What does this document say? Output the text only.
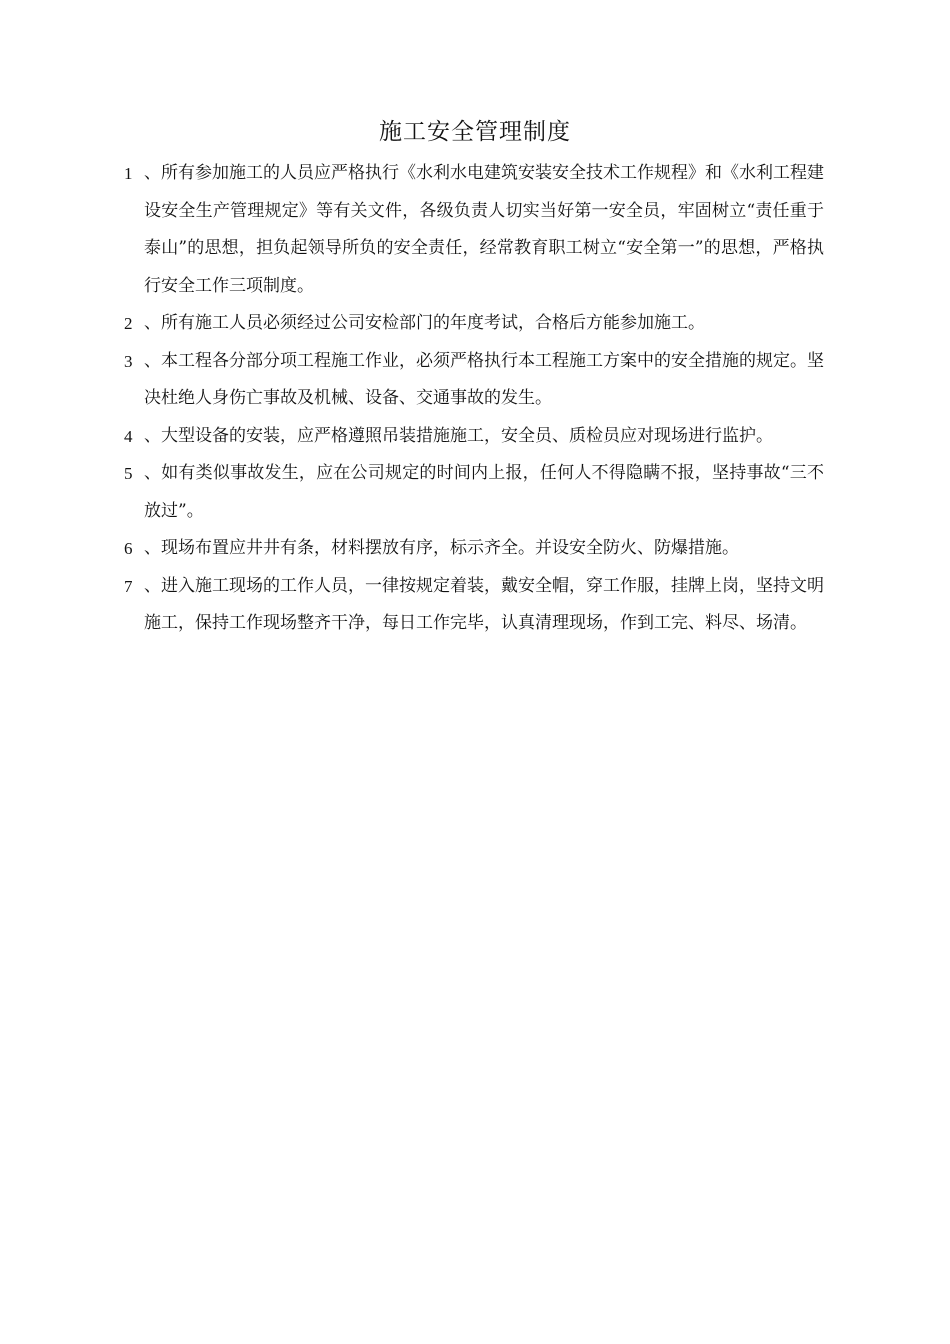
施工安全管理制度
1 、所有参加施工的人员应严格执行《水利水电建筑安装安全技术工作规程》和《水利工程建设安全生产管理规定》等有关文件，各级负责人切实当好第一安全员，牢固树立“责任重于泰山”的思想，担负起领导所负的安全责任，经常教育职工树立“安全第一”的思想，严格执行安全工作三项制度。
2 、所有施工人员必须经过公司安检部门的年度考试，合格后方能参加施工。
3 、本工程各分部分项工程施工作业，必须严格执行本工程施工方案中的安全措施的规定。坚决杜绝人身伤亡事故及机械、设备、交通事故的发生。
4 、大型设备的安装，应严格遵照吊装措施施工，安全员、质检员应对现场进行监护。
5 、如有类似事故发生，应在公司规定的时间内上报，任何人不得隐瞒不报，坚持事故“三不放过”。
6 、现场布置应井井有条，材料摆放有序，标示齐全。并设安全防火、防爆措施。
7 、进入施工现场的工作人员，一律按规定着装，戴安全帽，穿工作服，挂牌上岗，坚持文明施工，保持工作现场整齐干净，每日工作完毕，认真清理现场，作到工完、料尽、场清。
